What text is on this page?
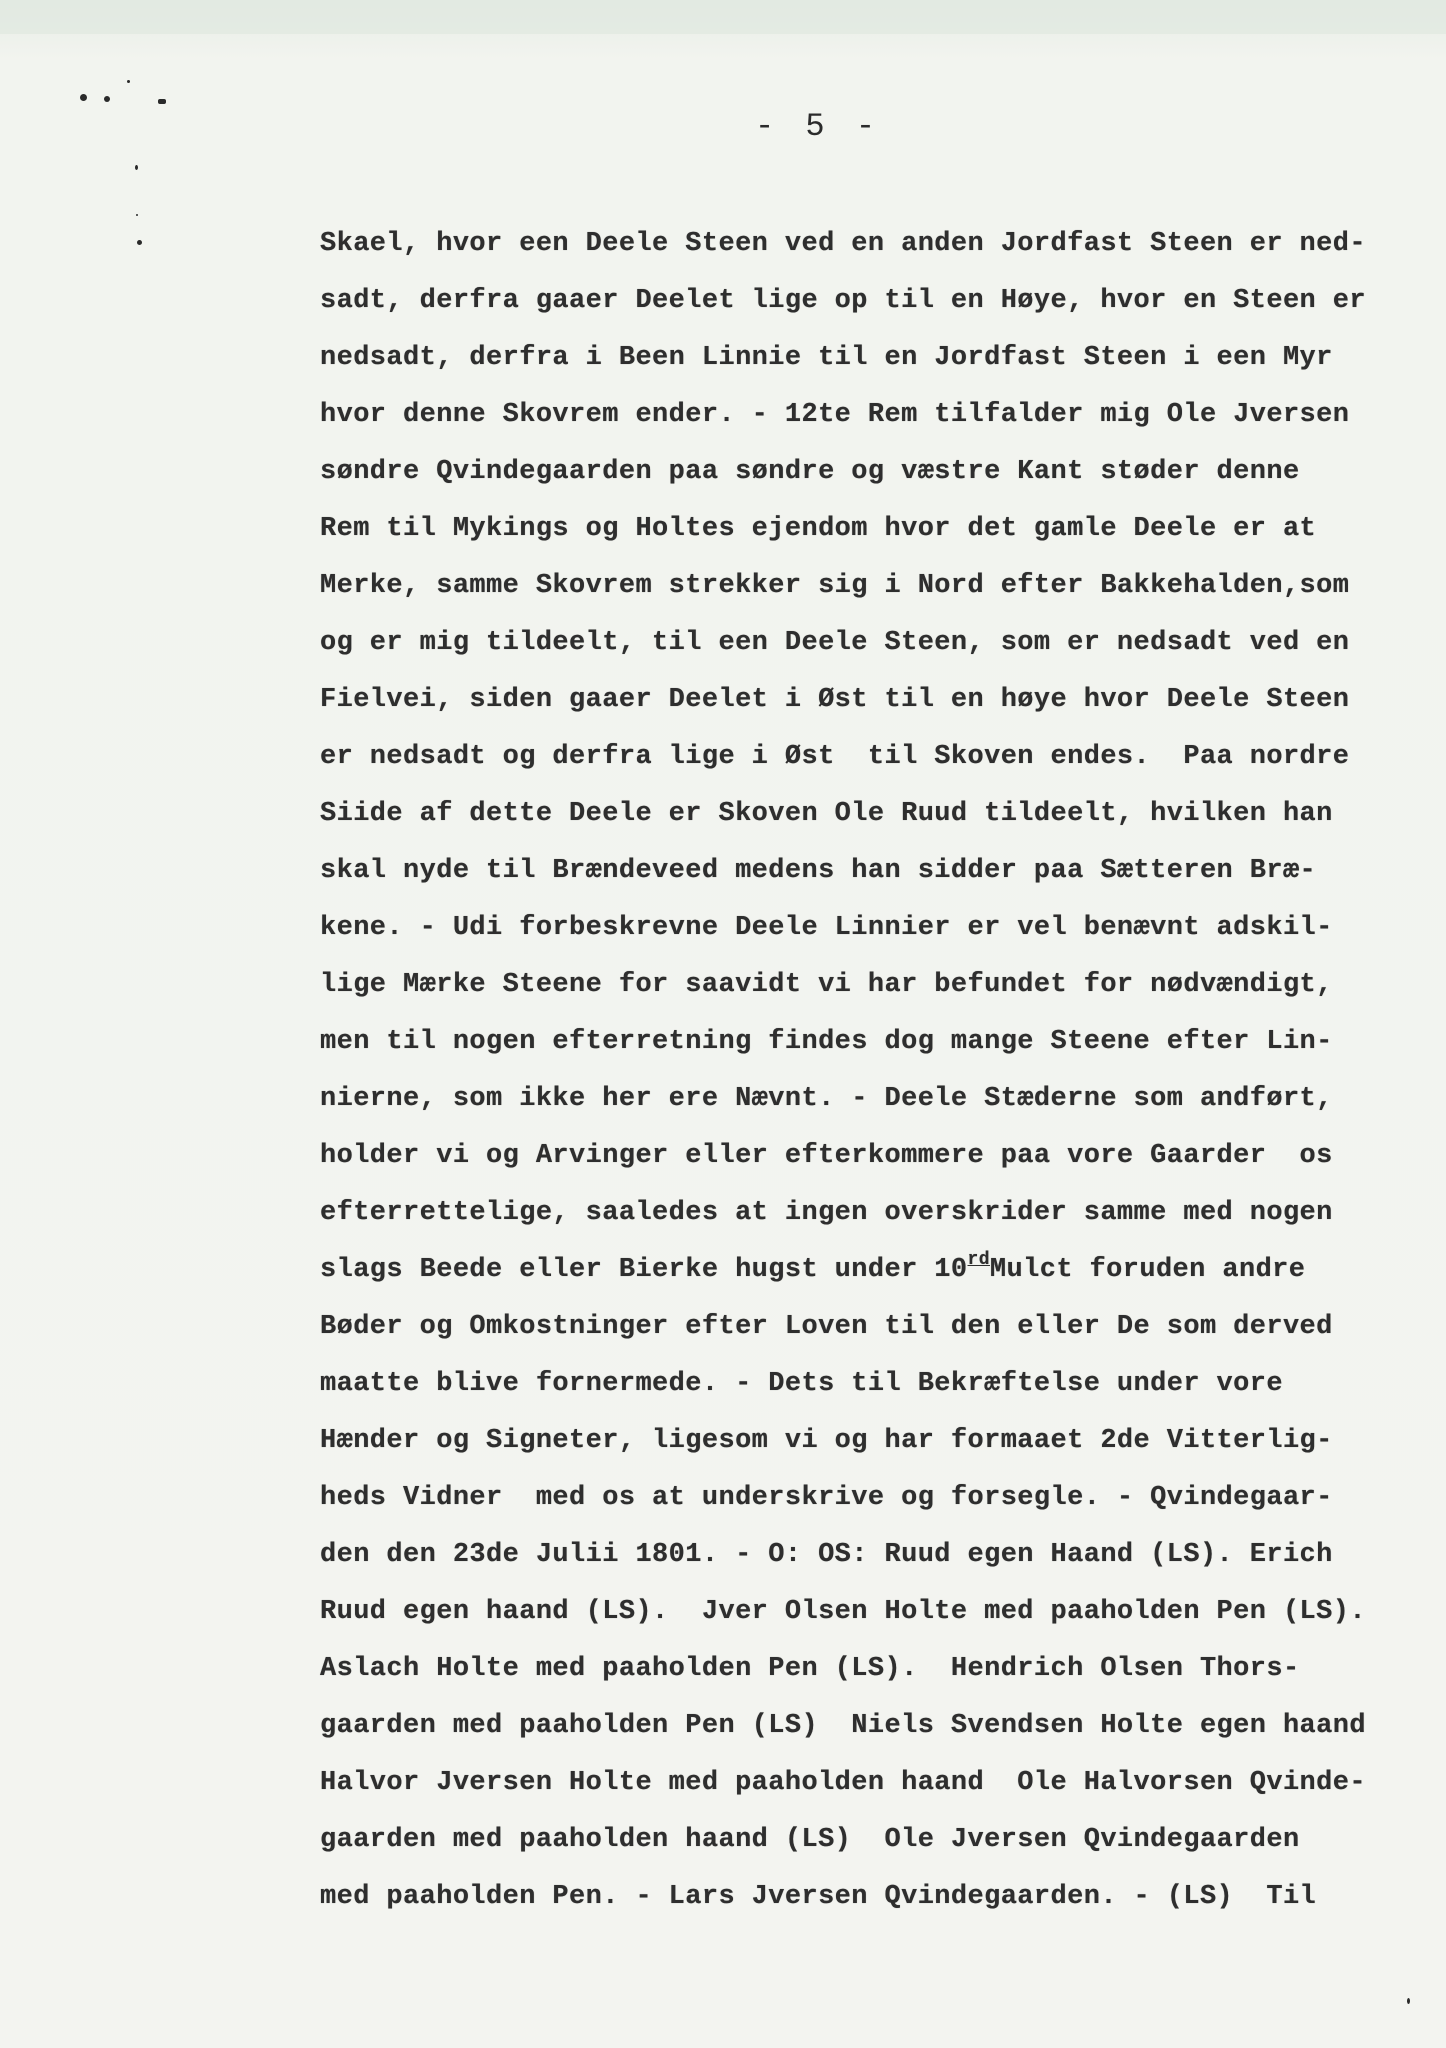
- 5 -
Skael, hvor een Deele Steen ved en anden Jordfast Steen er ned-
sadt, derfra gaaer Deelet lige op til en Høye, hvor en Steen er
nedsadt, derfra i Been Linnie til en Jordfast Steen i een Myr
hvor denne Skovrem ender. - 12te Rem tilfalder mig Ole Jversen
søndre Qvindegaarden paa søndre og væstre Kant støder denne
Rem til Mykings og Holtes ejendom hvor det gamle Deele er at
Merke, samme Skovrem strekker sig i Nord efter Bakkehalden,som
og er mig tildeelt, til een Deele Steen, som er nedsadt ved en
Fielvei, siden gaaer Deelet i Øst til en høye hvor Deele Steen
er nedsadt og derfra lige i Øst  til Skoven endes.  Paa nordre
Siide af dette Deele er Skoven Ole Ruud tildeelt, hvilken han
skal nyde til Brændeveed medens han sidder paa Sætteren Bræ-
kene. - Udi forbeskrevne Deele Linnier er vel benævnt adskil-
lige Mærke Steene for saavidt vi har befundet for nødvændigt,
men til nogen efterretning findes dog mange Steene efter Lin-
nierne, som ikke her ere Nævnt. - Deele Stæderne som andført,
holder vi og Arvinger eller efterkommere paa vore Gaarder  os
efterrettelige, saaledes at ingen overskrider samme med nogen
slags Beede eller Bierke hugst under 10rdMulct foruden andre
Bøder og Omkostninger efter Loven til den eller De som derved
maatte blive fornermede. - Dets til Bekræftelse under vore
Hænder og Signeter, ligesom vi og har formaaet 2de Vitterlig-
heds Vidner  med os at underskrive og forsegle. - Qvindegaar-
den den 23de Julii 1801. - O: OS: Ruud egen Haand (LS). Erich
Ruud egen haand (LS).  Jver Olsen Holte med paaholden Pen (LS).
Aslach Holte med paaholden Pen (LS).  Hendrich Olsen Thors-
gaarden med paaholden Pen (LS)  Niels Svendsen Holte egen haand
Halvor Jversen Holte med paaholden haand  Ole Halvorsen Qvinde-
gaarden med paaholden haand (LS)  Ole Jversen Qvindegaarden
med paaholden Pen. - Lars Jversen Qvindegaarden. - (LS)  Til
